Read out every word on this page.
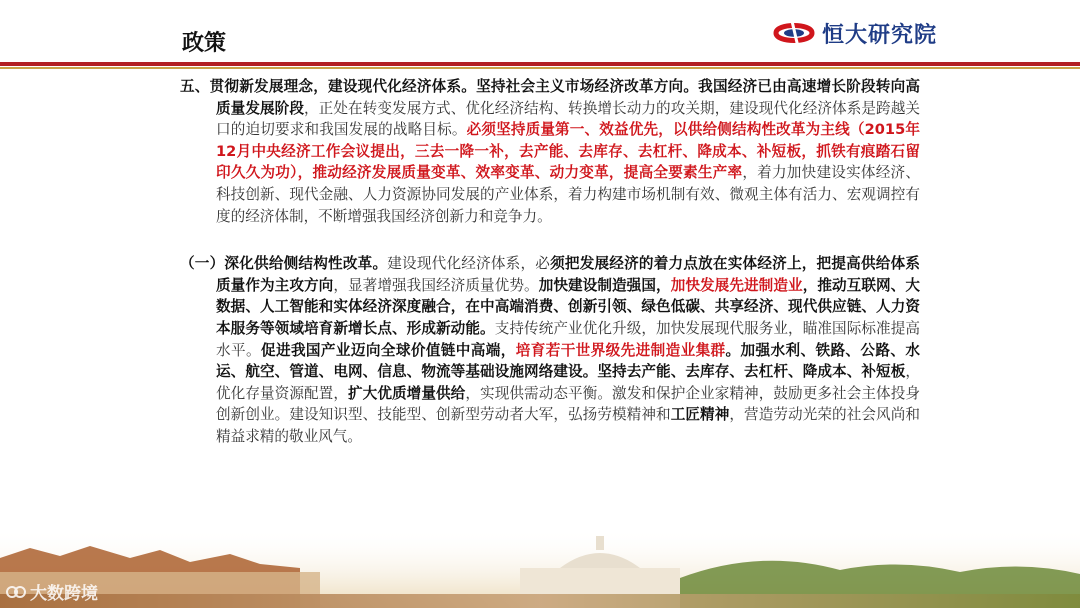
政策	恒大研究院
五、贯彻新发展理念，建设现代化经济体系。坚持社会主义市场经济改革方向。我国经济已由高速增长阶段转向高质量发展阶段，正处在转变发展方式、优化经济结构、转换增长动力的攻关期，建设现代化经济体系是跨越关口的迫切要求和我国发展的战略目标。必须坚持质量第一、效益优先，以供给侧结构性改革为主线（2015年12月中央经济工作会议提出，三去一降一补，去产能、去库存、去杠杆、降成本、补短板，抓铁有痕踏石留印久久为功），推动经济发展质量变革、效率变革、动力变革，提高全要素生产率，着力加快建设实体经济、科技创新、现代金融、人力资源协同发展的产业体系，着力构建市场机制有效、微观主体有活力、宏观调控有度的经济体制，不断增强我国经济创新力和竞争力。
（一）深化供给侧结构性改革。建设现代化经济体系，必须把发展经济的着力点放在实体经济上，把提高供给体系质量作为主攻方向，显著增强我国经济质量优势。加快建设制造强国，加快发展先进制造业，推动互联网、大数据、人工智能和实体经济深度融合，在中高端消费、创新引领、绿色低碳、共享经济、现代供应链、人力资本服务等领域培育新增长点、形成新动能。支持传统产业优化升级，加快发展现代服务业，瞄准国际标准提高水平。促进我国产业迈向全球价值链中高端，培育若干世界级先进制造业集群。加强水利、铁路、公路、水运、航空、管道、电网、信息、物流等基础设施网络建设。坚持去产能、去库存、去杠杆、降成本、补短板，优化存量资源配置，扩大优质增量供给，实现供需动态平衡。激发和保护企业家精神，鼓励更多社会主体投身创新创业。建设知识型、技能型、创新型劳动者大军，弘扬劳模精神和工匠精神，营造劳动光荣的社会风尚和精益求精的敬业风气。
大数跨境
